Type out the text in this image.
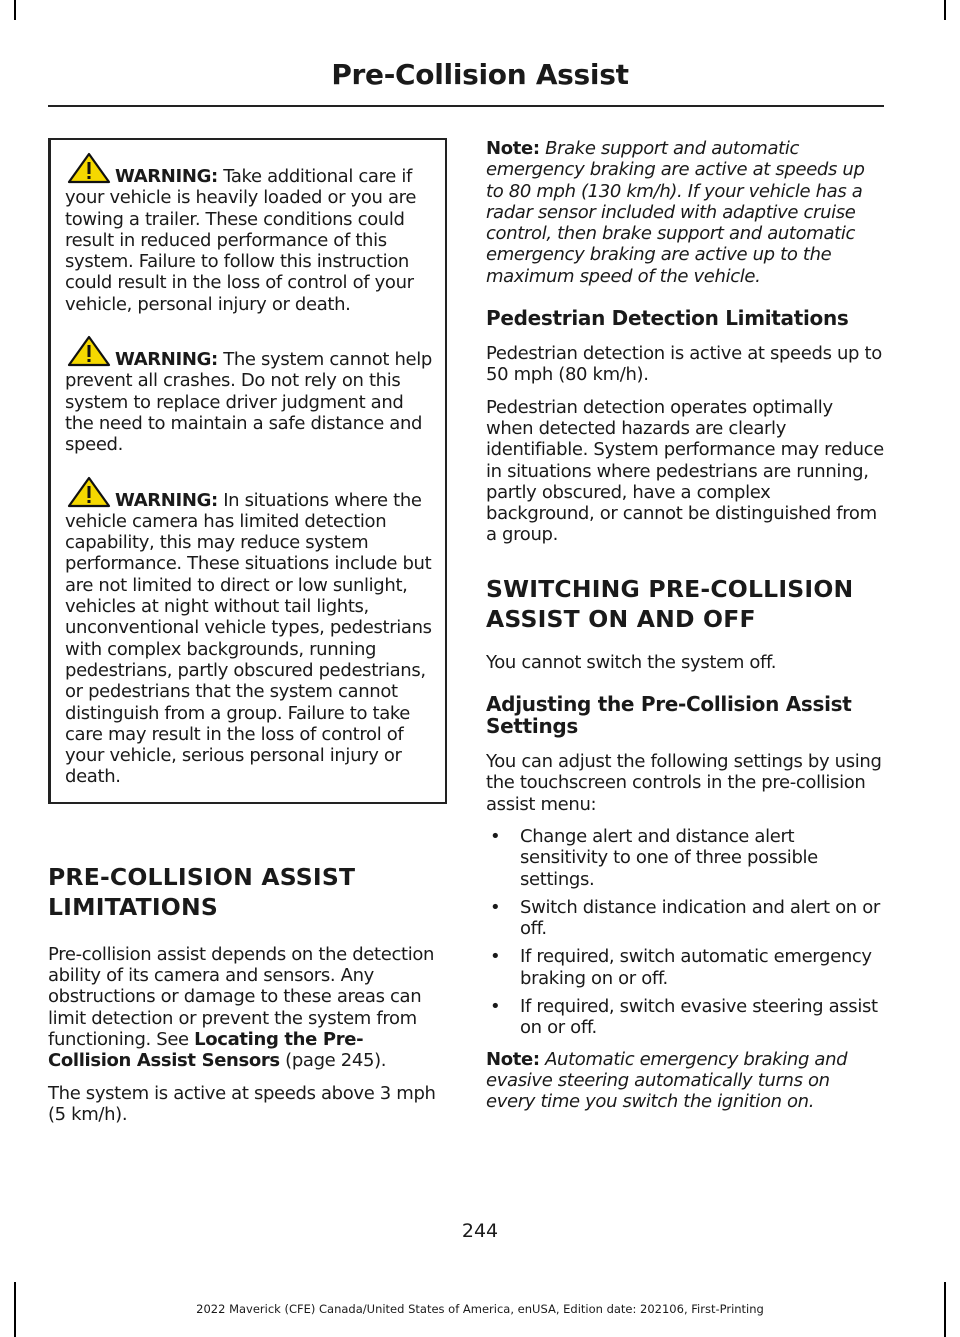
Pre-Collision Assist

WARNING: Take additional care if your vehicle is heavily loaded or you are towing a trailer. These conditions could result in reduced performance of this system. Failure to follow this instruction could result in the loss of control of your vehicle, personal injury or death.

WARNING: The system cannot help prevent all crashes. Do not rely on this system to replace driver judgment and the need to maintain a safe distance and speed.

WARNING: In situations where the vehicle camera has limited detection capability, this may reduce system performance. These situations include but are not limited to direct or low sunlight, vehicles at night without tail lights, unconventional vehicle types, pedestrians with complex backgrounds, running pedestrians, partly obscured pedestrians, or pedestrians that the system cannot distinguish from a group. Failure to take care may result in the loss of control of your vehicle, serious personal injury or death.

PRE-COLLISION ASSIST
LIMITATIONS

Pre-collision assist depends on the detection ability of its camera and sensors. Any obstructions or damage to these areas can limit detection or prevent the system from functioning. See Locating the Pre-Collision Assist Sensors (page 245).

The system is active at speeds above 3 mph (5 km/h).

Note: Brake support and automatic emergency braking are active at speeds up to 80 mph (130 km/h). If your vehicle has a radar sensor included with adaptive cruise control, then brake support and automatic emergency braking are active up to the maximum speed of the vehicle.

Pedestrian Detection Limitations

Pedestrian detection is active at speeds up to 50 mph (80 km/h).

Pedestrian detection operates optimally when detected hazards are clearly identifiable. System performance may reduce in situations where pedestrians are running, partly obscured, have a complex background, or cannot be distinguished from a group.

SWITCHING PRE-COLLISION
ASSIST ON AND OFF

You cannot switch the system off.

Adjusting the Pre-Collision Assist Settings

You can adjust the following settings by using the touchscreen controls in the pre-collision assist menu:

• Change alert and distance alert sensitivity to one of three possible settings.
• Switch distance indication and alert on or off.
• If required, switch automatic emergency braking on or off.
• If required, switch evasive steering assist on or off.

Note: Automatic emergency braking and evasive steering automatically turns on every time you switch the ignition on.

244
2022 Maverick (CFE) Canada/United States of America, enUSA, Edition date: 202106, First-Printing
